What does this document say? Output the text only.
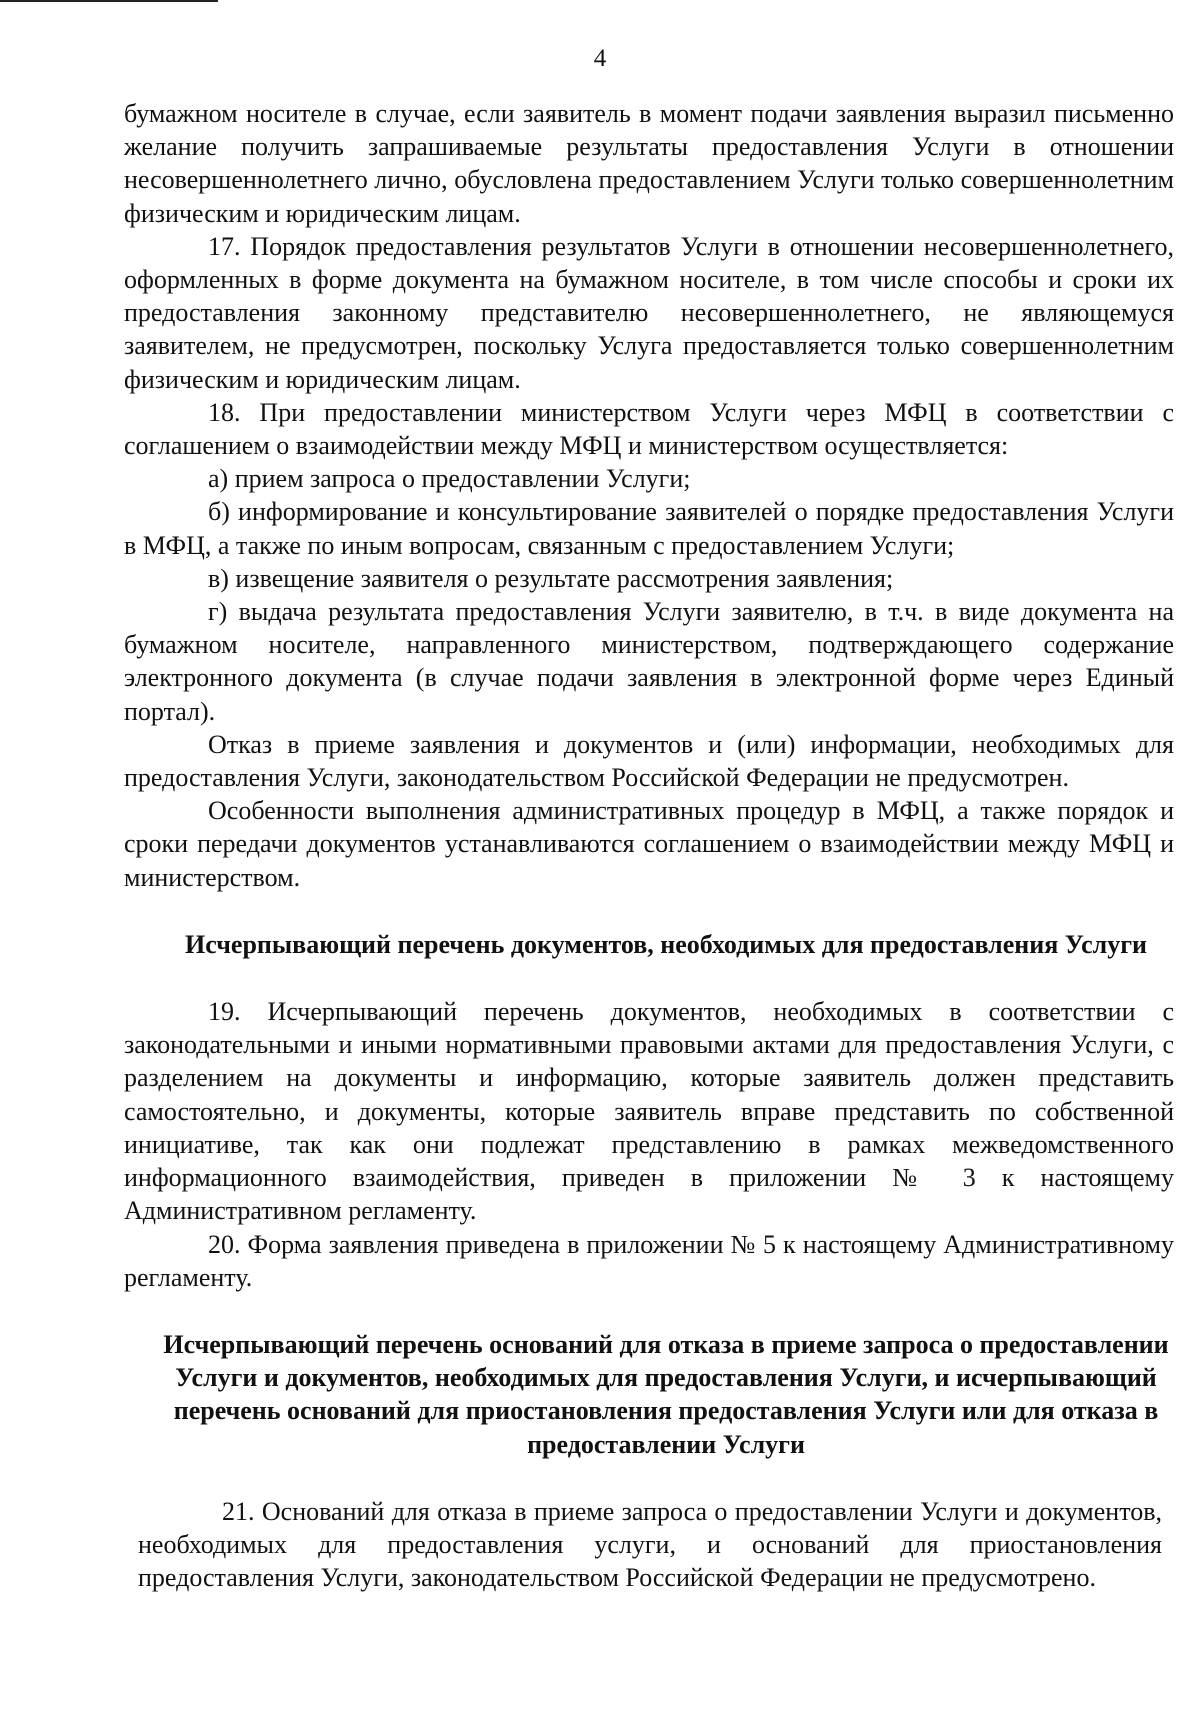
4

бумажном носителе в случае, если заявитель в момент подачи заявления выразил письменно желание получить запрашиваемые результаты предоставления Услуги в отношении несовершеннолетнего лично, обусловлена предоставлением Услуги только совершеннолетним физическим и юридическим лицам.

17. Порядок предоставления результатов Услуги в отношении несовершеннолетнего, оформленных в форме документа на бумажном носителе, в том числе способы и сроки их предоставления законному представителю несовершеннолетнего, не являющемуся заявителем, не предусмотрен, поскольку Услуга предоставляется только совершеннолетним физическим и юридическим лицам.

18. При предоставлении министерством Услуги через МФЦ в соответствии с соглашением о взаимодействии между МФЦ и министерством осуществляется:

а) прием запроса о предоставлении Услуги;

б) информирование и консультирование заявителей о порядке предоставления Услуги в МФЦ, а также по иным вопросам, связанным с предоставлением Услуги;

в) извещение заявителя о результате рассмотрения заявления;

г) выдача результата предоставления Услуги заявителю, в т.ч. в виде документа на бумажном носителе, направленного министерством, подтверждающего содержание электронного документа (в случае подачи заявления в электронной форме через Единый портал).

Отказ в приеме заявления и документов и (или) информации, необходимых для предоставления Услуги, законодательством Российской Федерации не предусмотрен.

Особенности выполнения административных процедур в МФЦ, а также порядок и сроки передачи документов устанавливаются соглашением о взаимодействии между МФЦ и министерством.

Исчерпывающий перечень документов, необходимых для предоставления Услуги

19. Исчерпывающий перечень документов, необходимых в соответствии с законодательными и иными нормативными правовыми актами для предоставления Услуги, с разделением на документы и информацию, которые заявитель должен представить самостоятельно, и документы, которые заявитель вправе представить по собственной инициативе, так как они подлежат представлению в рамках межведомственного информационного взаимодействия, приведен в приложении № 3 к настоящему Административном регламенту.

20. Форма заявления приведена в приложении № 5 к настоящему Административному регламенту.

Исчерпывающий перечень оснований для отказа в приеме запроса о предоставлении Услуги и документов, необходимых для предоставления Услуги, и исчерпывающий перечень оснований для приостановления предоставления Услуги или для отказа в предоставлении Услуги

21. Оснований для отказа в приеме запроса о предоставлении Услуги и документов, необходимых для предоставления услуги, и оснований для приостановления предоставления Услуги, законодательством Российской Федерации не предусмотрено.
